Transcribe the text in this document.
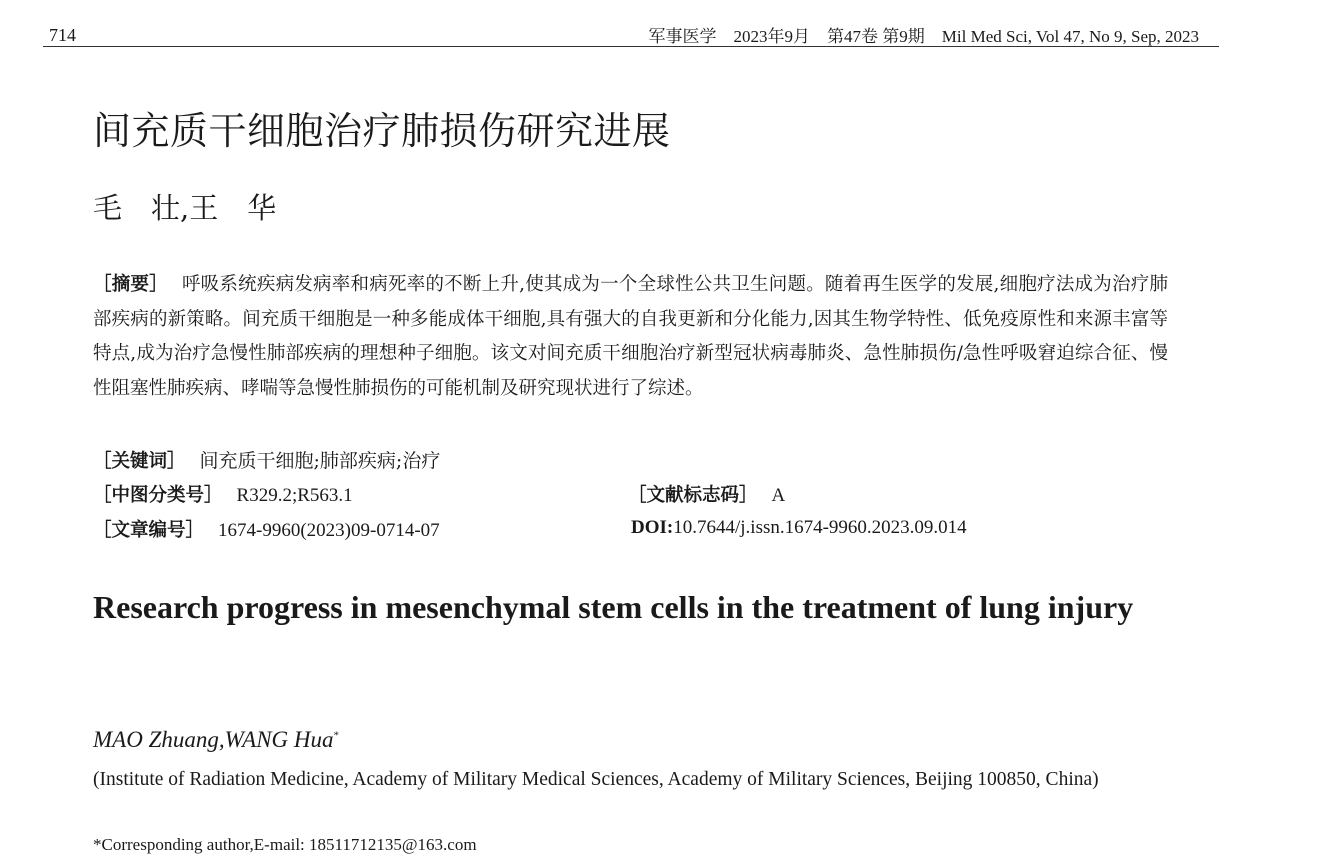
714	军事医学　2023年9月　第47卷 第9期　Mil Med Sci, Vol 47, No 9, Sep, 2023
间充质干细胞治疗肺损伤研究进展
毛　壮,王　华
［摘要］ 呼吸系统疾病发病率和病死率的不断上升,使其成为一个全球性公共卫生问题。随着再生医学的发展,细胞疗法成为治疗肺部疾病的新策略。间充质干细胞是一种多能成体干细胞,具有强大的自我更新和分化能力,因其生物学特性、低免疫原性和来源丰富等特点,成为治疗急慢性肺部疾病的理想种子细胞。该文对间充质干细胞治疗新型冠状病毒肺炎、急性肺损伤/急性呼吸窘迫综合征、慢性阻塞性肺疾病、哮喘等急慢性肺损伤的可能机制及研究现状进行了综述。
［关键词］ 间充质干细胞;肺部疾病;治疗
［中图分类号］ R329.2;R563.1	［文献标志码］ A
［文章编号］ 1674-9960(2023)09-0714-07	DOI:10.7644/j.issn.1674-9960.2023.09.014
Research progress in mesenchymal stem cells in the treatment of lung injury
MAO Zhuang,WANG Hua*
(Institute of Radiation Medicine, Academy of Military Medical Sciences, Academy of Military Sciences, Beijing 100850, China)
*Corresponding author,E-mail: 18511712135@163.com
